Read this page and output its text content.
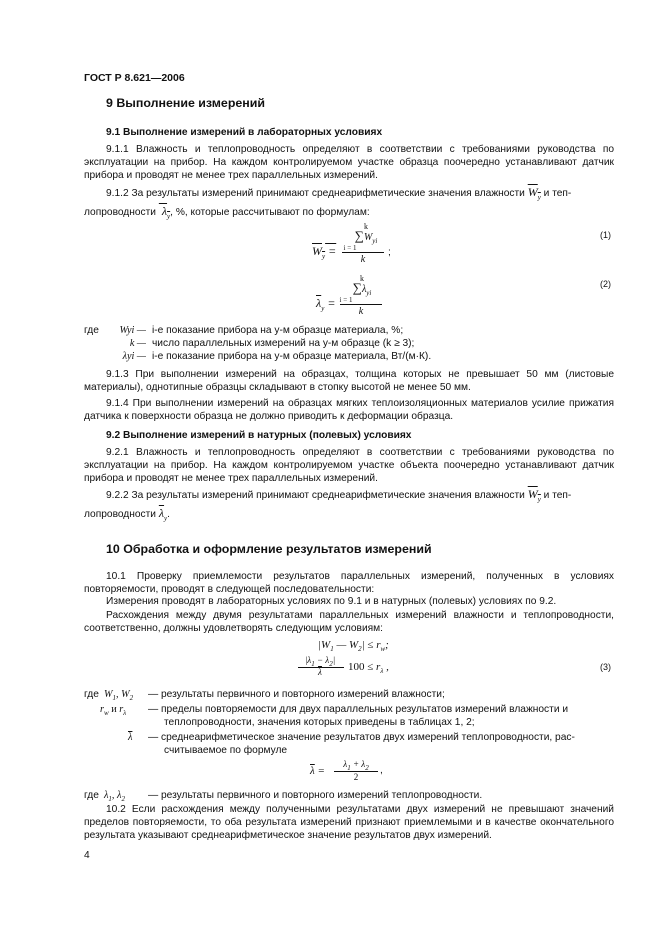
ГОСТ Р 8.621—2006
9 Выполнение измерений
9.1 Выполнение измерений в лабораторных условиях
9.1.1 Влажность и теплопроводность определяют в соответствии с требованиями руководства по эксплуатации на прибор. На каждом контролируемом участке образца поочередно устанавливают датчик прибора и проводят не менее трех параллельных измерений.
9.1.2 За результаты измерений принимают среднеарифметические значения влажности $W_y$ и теп-
лопроводности  $\lambda_y$, %, которые рассчитывают по формулам:
$W_y$ =
k
$\sum W_{yi}$
i = 1
k
;
(1)
$\overline{\lambda}_y$ =
k
$\sum\lambda_{yi}$
i = 1
k
(2)
где	Wyi — i-е показание прибора на y-м образце материала, %;
k — число параллельных измерений на y-м образце (k ≥ 3);
λyi — i-е показание прибора на y-м образце материала, Вт/(м·К).
9.1.3 При выполнении измерений на образцах, толщина которых не превышает 50 мм (листовые материалы), однотипные образцы складывают в стопку высотой не менее 50 мм.
9.1.4 При выполнении измерений на образцах мягких теплоизоляционных материалов усилие прижатия датчика к поверхности образца не должно приводить к деформации образца.
9.2 Выполнение измерений в натурных (полевых) условиях
9.2.1 Влажность и теплопроводность определяют в соответствии с требованиями руководства по эксплуатации на прибор. На каждом контролируемом участке объекта поочередно устанавливают датчик прибора и проводят не менее трех параллельных измерений.
9.2.2 За результаты измерений принимают среднеарифметические значения влажности $W_y$ и теп-
лопроводности $\overline{\lambda}_y$.
10 Обработка и оформление результатов измерений
10.1 Проверку приемлемости результатов параллельных измерений, полученных в условиях повторяемости, проводят в следующей последовательности:
Измерения проводят в лабораторных условиях по 9.1 и в натурных (полевых) условиях по 9.2.
Расхождения между двумя результатами параллельных измерений влажности и теплопроводности, соответственно, должны удовлетворять следующим условиям:
$|W_1$ — $W_2| \le r_w$;
$|\lambda_1 - \lambda_2|$
$\overline{\lambda}$	$100 \le r_\lambda$ ,	(3)
где $W_1$, $W_2$ — результаты первичного и повторного измерений влажности;
$r_w$ и $r_\lambda$ — пределы повторяемости для двух параллельных результатов измерений влажности и
теплопроводности, значения которых приведены в таблицах 1, 2;
$\overline{\lambda}$ — среднеарифметическое значение результатов двух измерений теплопроводности, рас-
считываемое по формуле
$\overline{\lambda}$ =
$\lambda_1 + \lambda_2$
2
,
где $\lambda_1$, $\lambda_2$ — результаты первичного и повторного измерений теплопроводности.
10.2 Если расхождения между полученными результатами двух измерений не превышают значений пределов повторяемости, то оба результата измерений признают приемлемыми и в качестве окончательного результата указывают среднеарифметическое значение результатов двух измерений.
4
